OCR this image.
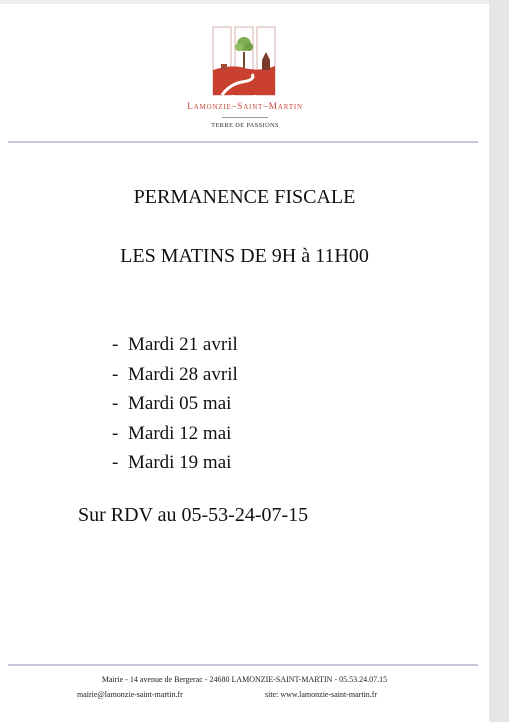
Lamonzie–Saint–Martin
TERRE DE PASSIONS
PERMANENCE FISCALE
LES MATINS DE 9H à 11H00
- Mardi 21 avril
- Mardi 28 avril
- Mardi 05 mai
- Mardi 12 mai
- Mardi 19 mai
Sur RDV au 05-53-24-07-15
Mairie - 14 avenue de Bergerac - 24680 LAMONZIE-SAINT-MARTIN - 05.53.24.07.15
mairie@lamonzie-saint-martin.fr	site: www.lamonzie-saint-martin.fr
